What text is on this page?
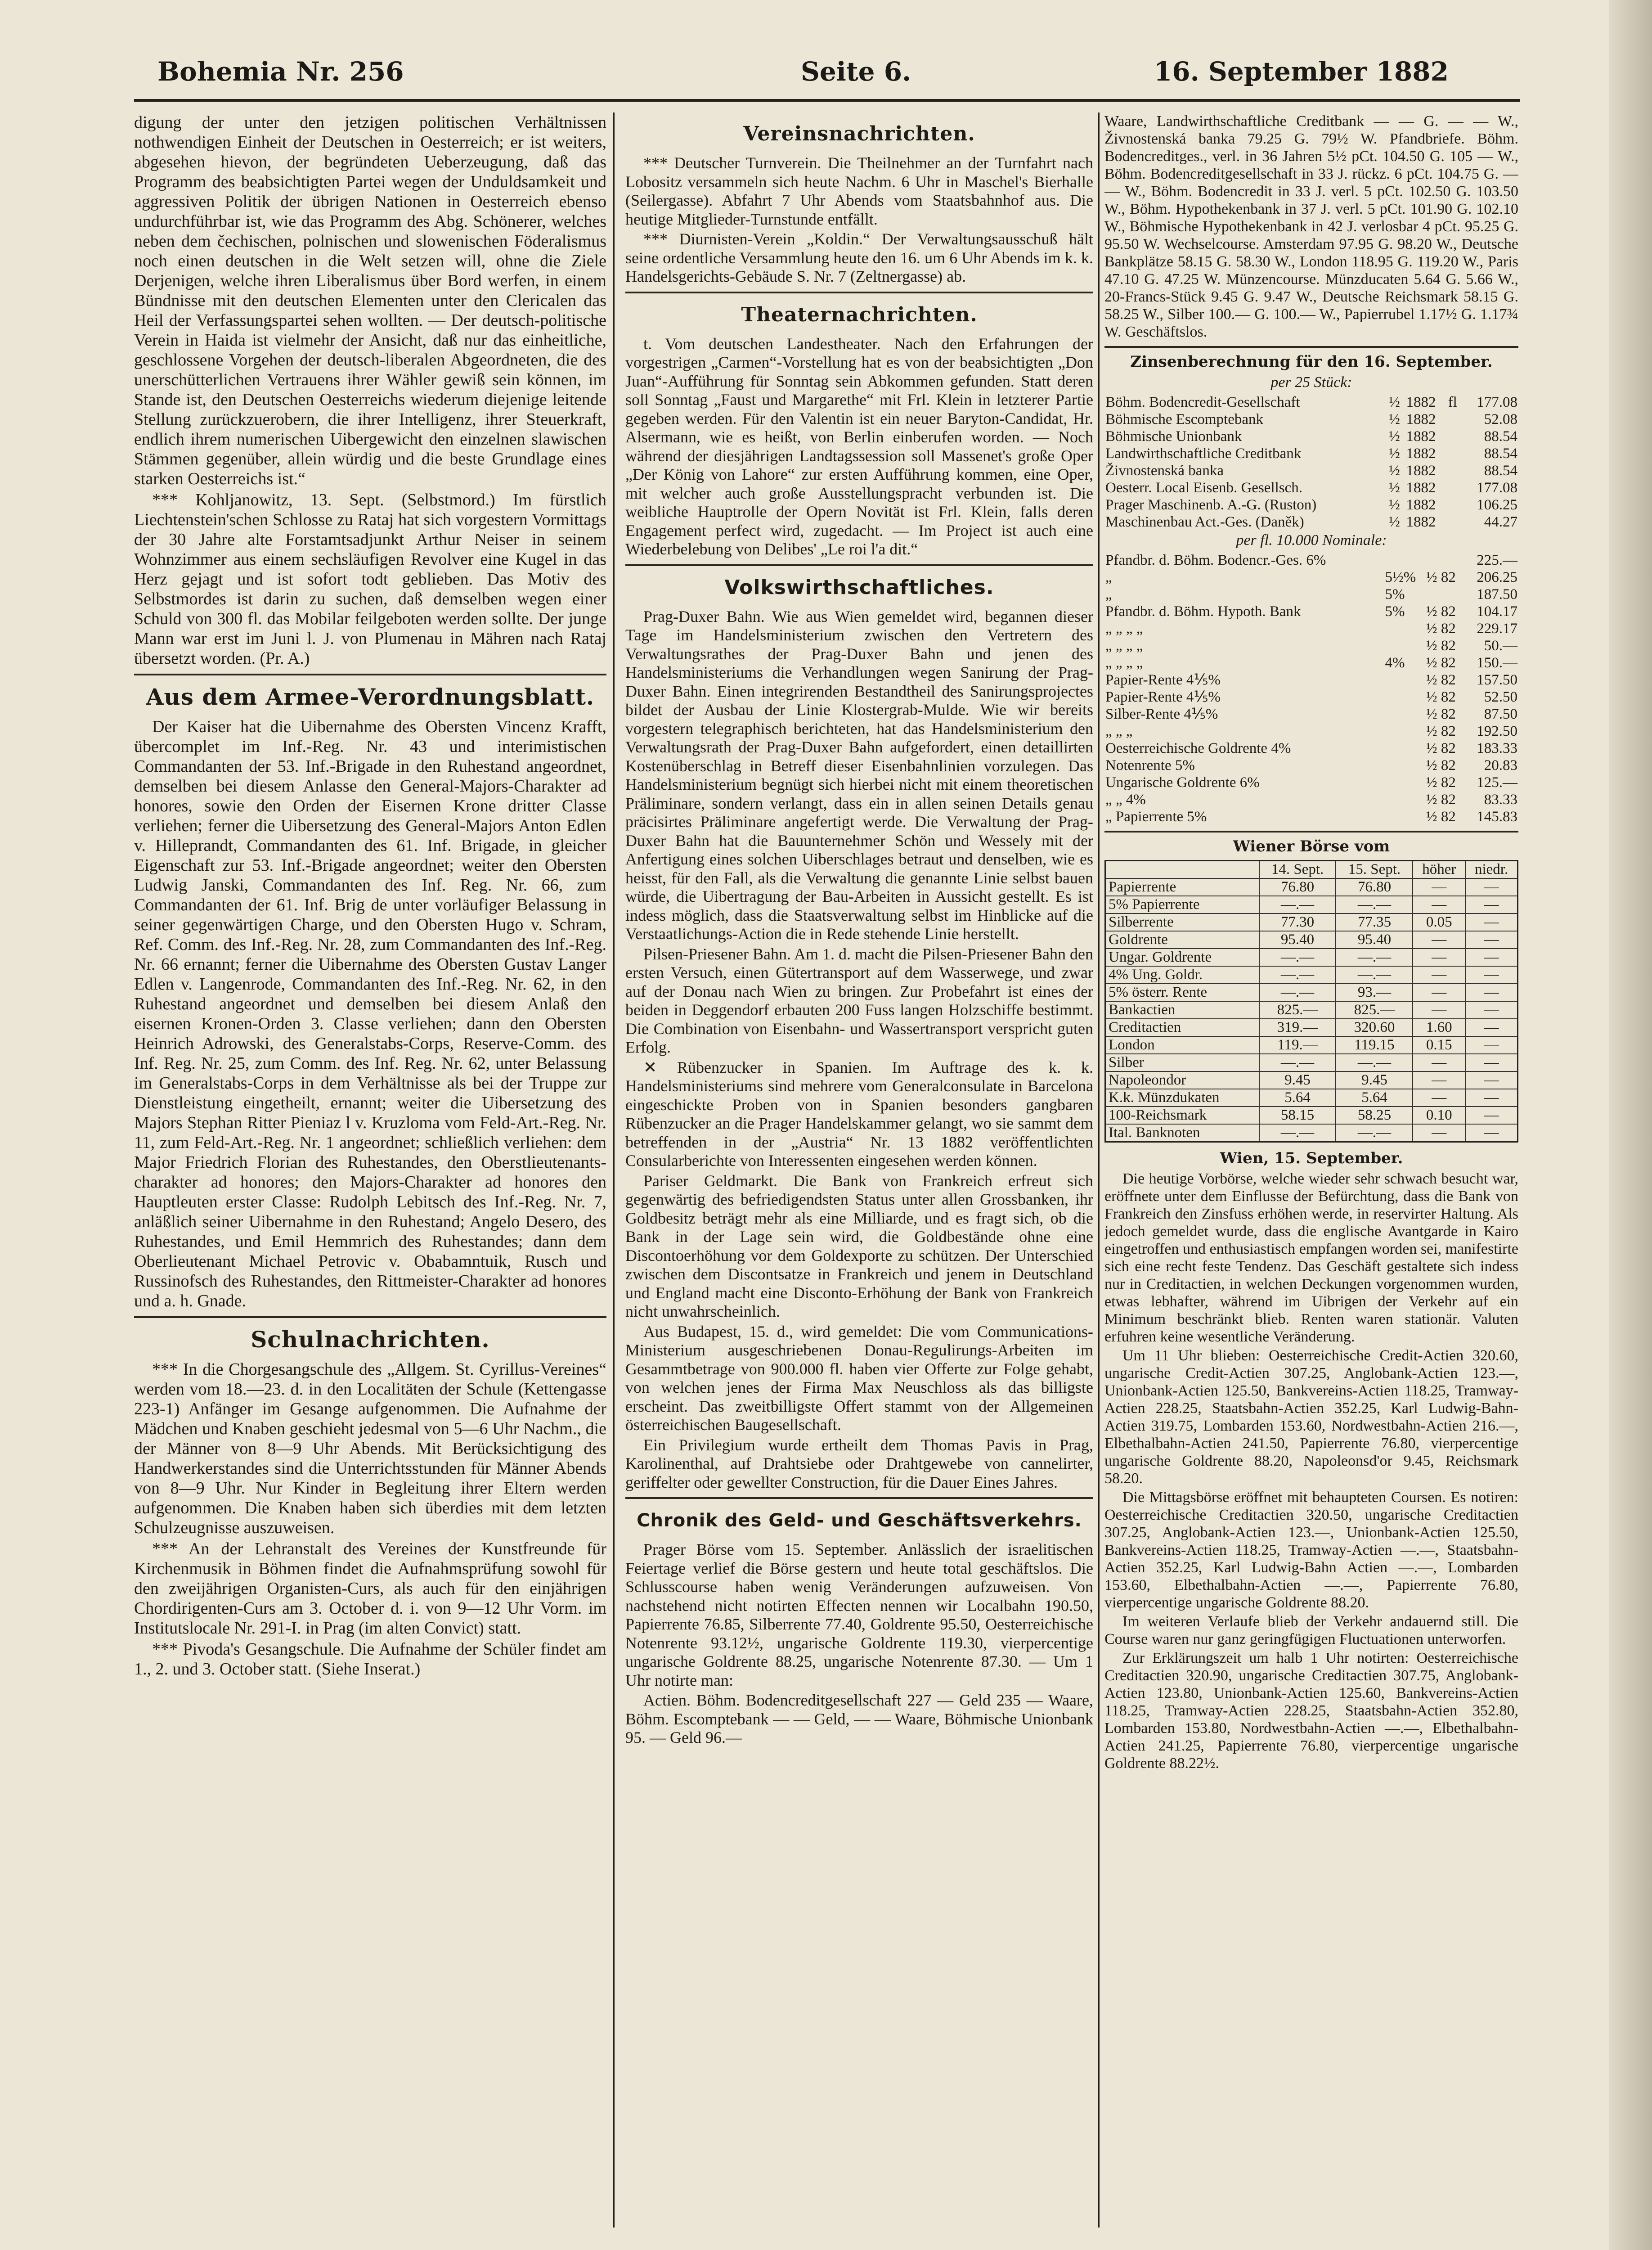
Bohemia Nr. 256	Seite 6.	16. September 1882

digung der unter den jetzigen politischen Verhältnissen nothwendigen Einheit der Deutschen in Oesterreich; er ist weiters, abgesehen hievon, der begründeten Ueberzeugung, daß das Programm des beabsichtigten Partei wegen der Unduldsamkeit und aggressiven Politik der übrigen Nationen in Oesterreich ebenso undurchführbar ist, wie das Programm des Abg. Schönerer, welches neben dem čechischen, polnischen und slowenischen Föderalismus noch einen deutschen in die Welt setzen will, ohne die Ziele Derjenigen, welche ihren Liberalismus über Bord werfen, in einem Bündnisse mit den deutschen Elementen unter den Clericalen das Heil der Verfassungspartei sehen wollten. — Der deutsch-politische Verein in Haida ist vielmehr der Ansicht, daß nur das einheitliche, geschlossene Vorgehen der deutsch-liberalen Abgeordneten, die des unerschütterlichen Vertrauens ihrer Wähler gewiß sein können, im Stande ist, den Deutschen Oesterreichs wiederum diejenige leitende Stellung zurückzuerobern, die ihrer Intelligenz, ihrer Steuerkraft, endlich ihrem numerischen Uibergewicht den einzelnen slawischen Stämmen gegenüber, allein würdig und die beste Grundlage eines starken Oesterreichs ist.“

*** Kohljanowitz, 13. Sept. (Selbstmord.) Im fürstlich Liechtenstein'schen Schlosse zu Rataj hat sich vorgestern Vormittags der 30 Jahre alte Forstamtsadjunkt Arthur Neiser in seinem Wohnzimmer aus einem sechsläufigen Revolver eine Kugel in das Herz gejagt und ist sofort todt geblieben. Das Motiv des Selbstmordes ist darin zu suchen, daß demselben wegen einer Schuld von 300 fl. das Mobilar feilgeboten werden sollte. Der junge Mann war erst im Juni l. J. von Plumenau in Mähren nach Rataj übersetzt worden. (Pr. A.)

Aus dem Armee-Verordnungsblatt.

Der Kaiser hat die Uibernahme des Obersten Vincenz Krafft, übercomplet im Inf.-Reg. Nr. 43 und interimistischen Commandanten der 53. Inf.-Brigade in den Ruhestand angeordnet, demselben bei diesem Anlasse den General-Majors-Charakter ad honores, sowie den Orden der Eisernen Krone dritter Classe verliehen; ferner die Uibersetzung des General-Majors Anton Edlen v. Hilleprandt, Commandanten des 61. Inf. Brigade, in gleicher Eigenschaft zur 53. Inf.-Brigade angeordnet; weiter den Obersten Ludwig Janski, Commandanten des Inf. Reg. Nr. 66, zum Commandanten der 61. Inf. Brig de unter vorläufiger Belassung in seiner gegenwärtigen Charge, und den Obersten Hugo v. Schram, Ref. Comm. des Inf.-Reg. Nr. 28, zum Commandanten des Inf.-Reg. Nr. 66 ernannt; ferner die Uibernahme des Obersten Gustav Langer Edlen v. Langenrode, Commandanten des Inf.-Reg. Nr. 62, in den Ruhestand angeordnet und demselben bei diesem Anlaß den eisernen Kronen-Orden 3. Classe verliehen; dann den Obersten Heinrich Adrowski, des Generalstabs-Corps, Reserve-Comm. des Inf. Reg. Nr. 25, zum Comm. des Inf. Reg. Nr. 62, unter Belassung im Generalstabs-Corps in dem Verhältnisse als bei der Truppe zur Dienstleistung eingetheilt, ernannt; weiter die Uibersetzung des Majors Stephan Ritter Pieniaz l v. Kruzloma vom Feld-Art.-Reg. Nr. 11, zum Feld-Art.-Reg. Nr. 1 angeordnet; schließlich verliehen: dem Major Friedrich Florian des Ruhestandes, den Oberstlieutenants-charakter ad honores; den Majors-Charakter ad honores den Hauptleuten erster Classe: Rudolph Lebitsch des Inf.-Reg. Nr. 7, anläßlich seiner Uibernahme in den Ruhestand; Angelo Desero, des Ruhestandes, und Emil Hemmrich des Ruhestandes; dann dem Oberlieutenant Michael Petrovic v. Obabamntuik, Rusch und Russinofsch des Ruhestandes, den Rittmeister-Charakter ad honores und a. h. Gnade.

Schulnachrichten.

*** In die Chorgesangschule des „Allgem. St. Cyrillus-Vereines“ werden vom 18.—23. d. in den Localitäten der Schule (Kettengasse 223-1) Anfänger im Gesange aufgenommen. Die Aufnahme der Mädchen und Knaben geschieht jedesmal von 5—6 Uhr Nachm., die der Männer von 8—9 Uhr Abends. Mit Berücksichtigung des Handwerkerstandes sind die Unterrichtsstunden für Männer Abends von 8—9 Uhr. Nur Kinder in Begleitung ihrer Eltern werden aufgenommen. Die Knaben haben sich überdies mit dem letzten Schulzeugnisse auszuweisen.

*** An der Lehranstalt des Vereines der Kunstfreunde für Kirchenmusik in Böhmen findet die Aufnahmsprüfung sowohl für den zweijährigen Organisten-Curs, als auch für den einjährigen Chordirigenten-Curs am 3. October d. i. von 9—12 Uhr Vorm. im Institutslocale Nr. 291-I. in Prag (im alten Convict) statt.

*** Pivoda's Gesangschule. Die Aufnahme der Schüler findet am 1., 2. und 3. October statt. (Siehe Inserat.)

Vereinsnachrichten.

*** Deutscher Turnverein. Die Theilnehmer an der Turnfahrt nach Lobositz versammeln sich heute Nachm. 6 Uhr in Maschel's Bierhalle (Seilergasse). Abfahrt 7 Uhr Abends vom Staatsbahnhof aus. Die heutige Mitglieder-Turnstunde entfällt.

*** Diurnisten-Verein „Koldin.“ Der Verwaltungsausschuß hält seine ordentliche Versammlung heute den 16. um 6 Uhr Abends im k. k. Handelsgerichts-Gebäude S. Nr. 7 (Zeltnergasse) ab.

Theaternachrichten.

t. Vom deutschen Landestheater. Nach den Erfahrungen der vorgestrigen „Carmen“-Vorstellung hat es von der beabsichtigten „Don Juan“-Aufführung für Sonntag sein Abkommen gefunden. Statt deren soll Sonntag „Faust und Margarethe“ mit Frl. Klein in letzterer Partie gegeben werden. Für den Valentin ist ein neuer Baryton-Candidat, Hr. Alsermann, wie es heißt, von Berlin einberufen worden. — Noch während der diesjährigen Landtagssession soll Massenet's große Oper „Der König von Lahore“ zur ersten Aufführung kommen, eine Oper, mit welcher auch große Ausstellungspracht verbunden ist. Die weibliche Hauptrolle der Opern Novität ist Frl. Klein, falls deren Engagement perfect wird, zugedacht. — Im Project ist auch eine Wiederbelebung von Delibes' „Le roi l'a dit.“

Volkswirthschaftliches.

Prag-Duxer Bahn. Wie aus Wien gemeldet wird, begannen dieser Tage im Handelsministerium zwischen den Vertretern des Verwaltungsrathes der Prag-Duxer Bahn und jenen des Handelsministeriums die Verhandlungen wegen Sanirung der Prag-Duxer Bahn. Einen integrirenden Bestandtheil des Sanirungsprojectes bildet der Ausbau der Linie Klostergrab-Mulde. Wie wir bereits vorgestern telegraphisch berichteten, hat das Handelsministerium den Verwaltungsrath der Prag-Duxer Bahn aufgefordert, einen detaillirten Kostenüberschlag in Betreff dieser Eisenbahnlinien vorzulegen. Das Handelsministerium begnügt sich hierbei nicht mit einem theoretischen Präliminare, sondern verlangt, dass ein in allen seinen Details genau präcisirtes Präliminare angefertigt werde. Die Verwaltung der Prag-Duxer Bahn hat die Bauunternehmer Schön und Wessely mit der Anfertigung eines solchen Uiberschlages betraut und denselben, wie es heisst, für den Fall, als die Verwaltung die genannte Linie selbst bauen würde, die Uibertragung der Bau-Arbeiten in Aussicht gestellt. Es ist indess möglich, dass die Staatsverwaltung selbst im Hinblicke auf die Verstaatlichungs-Action die in Rede stehende Linie herstellt.

Pilsen-Priesener Bahn. Am 1. d. macht die Pilsen-Priesener Bahn den ersten Versuch, einen Gütertransport auf dem Wasserwege, und zwar auf der Donau nach Wien zu bringen. Zur Probefahrt ist eines der beiden in Deggendorf erbauten 200 Fuss langen Holzschiffe bestimmt. Die Combination von Eisenbahn- und Wassertransport verspricht guten Erfolg.

✕ Rübenzucker in Spanien. Im Auftrage des k. k. Handelsministeriums sind mehrere vom Generalconsulate in Barcelona eingeschickte Proben von in Spanien besonders gangbaren Rübenzucker an die Prager Handelskammer gelangt, wo sie sammt dem betreffenden in der „Austria“ Nr. 13 1882 veröffentlichten Consularberichte von Interessenten eingesehen werden können.

Pariser Geldmarkt. Die Bank von Frankreich erfreut sich gegenwärtig des befriedigendsten Status unter allen Grossbanken, ihr Goldbesitz beträgt mehr als eine Milliarde, und es fragt sich, ob die Bank in der Lage sein wird, die Goldbestände ohne eine Discontoerhöhung vor dem Goldexporte zu schützen. Der Unterschied zwischen dem Discontsatze in Frankreich und jenem in Deutschland und England macht eine Disconto-Erhöhung der Bank von Frankreich nicht unwahrscheinlich.

Aus Budapest, 15. d., wird gemeldet: Die vom Communications-Ministerium ausgeschriebenen Donau-Regulirungs-Arbeiten im Gesammtbetrage von 900.000 fl. haben vier Offerte zur Folge gehabt, von welchen jenes der Firma Max Neuschloss als das billigste erscheint. Das zweitbilligste Offert stammt von der Allgemeinen österreichischen Baugesellschaft.

Ein Privilegium wurde ertheilt dem Thomas Pavis in Prag, Karolinenthal, auf Drahtsiebe oder Drahtgewebe von cannelirter, geriffelter oder gewellter Construction, für die Dauer Eines Jahres.

Chronik des Geld- und Geschäftsverkehrs.

Prager Börse vom 15. September. Anlässlich der israelitischen Feiertage verlief die Börse gestern und heute total geschäftslos. Die Schlusscourse haben wenig Veränderungen aufzuweisen. Von nachstehend nicht notirten Effecten nennen wir Localbahn 190.50, Papierrente 76.85, Silberrente 77.40, Goldrente 95.50, Oesterreichische Notenrente 93.12½, ungarische Goldrente 119.30, vierpercentige ungarische Goldrente 88.25, ungarische Notenrente 87.30. — Um 1 Uhr notirte man:

Actien. Böhm. Bodencreditgesellschaft 227 — Geld 235 — Waare, Böhm. Escomptebank — — Geld, — — Waare, Böhmische Unionbank 95. — Geld 96.—

Waare, Landwirthschaftliche Creditbank — — G. — — W., Živnostenská banka 79.25 G. 79½ W. Pfandbriefe. Böhm. Bodencreditges., verl. in 36 Jahren 5½ pCt. 104.50 G. 105 — W., Böhm. Bodencreditgesellschaft in 33 J. rückz. 6 pCt. 104.75 G. — — W., Böhm. Bodencredit in 33 J. verl. 5 pCt. 102.50 G. 103.50 W., Böhm. Hypothekenbank in 37 J. verl. 5 pCt. 101.90 G. 102.10 W., Böhmische Hypothekenbank in 42 J. verlosbar 4 pCt. 95.25 G. 95.50 W. Wechselcourse. Amsterdam 97.95 G. 98.20 W., Deutsche Bankplätze 58.15 G. 58.30 W., London 118.95 G. 119.20 W., Paris 47.10 G. 47.25 W. Münzencourse. Münzducaten 5.64 G. 5.66 W., 20-Francs-Stück 9.45 G. 9.47 W., Deutsche Reichsmark 58.15 G. 58.25 W., Silber 100.— G. 100.— W., Papierrubel 1.17½ G. 1.17¾ W. Geschäftslos.

Zinsenberechnung für den 16. September.
per 25 Stück:
Böhm. Bodencredit-Gesellschaft	½	1882	fl	177.08
Böhmische Escomptebank	½	1882		52.08
Böhmische Unionbank	½	1882		88.54
Landwirthschaftliche Creditbank	½	1882		88.54
Živnostenská banka	½	1882		88.54
Oesterr. Local Eisenb. Gesellsch.	½	1882		177.08
Prager Maschinenb. A.-G. (Ruston)	½	1882		106.25
Maschinenbau Act.-Ges. (Daněk)	½	1882		44.27
per fl. 10.000 Nominale:
Pfandbr. d. Böhm. Bodencr.-Ges. 6%			225.—
„	5½%	½ 82	206.25
„	5%		187.50
Pfandbr. d. Böhm. Hypoth. Bank	5%	½ 82	104.17
„ „ „ „		½ 82	229.17
„ „ „ „		½ 82	50.—
„ „ „ „	4%	½ 82	150.—
Papier-Rente 4⅕%		½ 82	157.50
Papier-Rente 4⅕%		½ 82	52.50
Silber-Rente 4⅕%		½ 82	87.50
„ „ „		½ 82	192.50
Oesterreichische Goldrente 4%		½ 82	183.33
Notenrente 5%		½ 82	20.83
Ungarische Goldrente 6%		½ 82	125.—
„ „ 4%		½ 82	83.33
„ Papierrente 5%		½ 82	145.83
Wiener Börse vom
	14. Sept.	15. Sept.	höher	niedr.
Papierrente	76.80	76.80	—	—
5% Papierrente	—.—	—.—	—	—
Silberrente	77.30	77.35	0.05	—
Goldrente	95.40	95.40	—	—
Ungar. Goldrente	—.—	—.—	—	—
4% Ung. Goldr.	—.—	—.—	—	—
5% österr. Rente	—.—	93.—	—	—
Bankactien	825.—	825.—	—	—
Creditactien	319.—	320.60	1.60	—
London	119.—	119.15	0.15	—
Silber	—.—	—.—	—	—
Napoleondor	9.45	9.45	—	—
K.k. Münzdukaten	5.64	5.64	—	—
100-Reichsmark	58.15	58.25	0.10	—
Ital. Banknoten	—.—	—.—	—	—
Wien, 15. September.

Die heutige Vorbörse, welche wieder sehr schwach besucht war, eröffnete unter dem Einflusse der Befürchtung, dass die Bank von Frankreich den Zinsfuss erhöhen werde, in reservirter Haltung. Als jedoch gemeldet wurde, dass die englische Avantgarde in Kairo eingetroffen und enthusiastisch empfangen worden sei, manifestirte sich eine recht feste Tendenz. Das Geschäft gestaltete sich indess nur in Creditactien, in welchen Deckungen vorgenommen wurden, etwas lebhafter, während im Uibrigen der Verkehr auf ein Minimum beschränkt blieb. Renten waren stationär. Valuten erfuhren keine wesentliche Veränderung.

Um 11 Uhr blieben: Oesterreichische Credit-Actien 320.60, ungarische Credit-Actien 307.25, Anglobank-Actien 123.—, Unionbank-Actien 125.50, Bankvereins-Actien 118.25, Tramway-Actien 228.25, Staatsbahn-Actien 352.25, Karl Ludwig-Bahn-Actien 319.75, Lombarden 153.60, Nordwestbahn-Actien 216.—, Elbethalbahn-Actien 241.50, Papierrente 76.80, vierpercentige ungarische Goldrente 88.20, Napoleonsd'or 9.45, Reichsmark 58.20.

Die Mittagsbörse eröffnet mit behaupteten Coursen. Es notiren: Oesterreichische Creditactien 320.50, ungarische Creditactien 307.25, Anglobank-Actien 123.—, Unionbank-Actien 125.50, Bankvereins-Actien 118.25, Tramway-Actien —.—, Staatsbahn-Actien 352.25, Karl Ludwig-Bahn Actien —.—, Lombarden 153.60, Elbethalbahn-Actien —.—, Papierrente 76.80, vierpercentige ungarische Goldrente 88.20.

Im weiteren Verlaufe blieb der Verkehr andauernd still. Die Course waren nur ganz geringfügigen Fluctuationen unterworfen.

Zur Erklärungszeit um halb 1 Uhr notirten: Oesterreichische Creditactien 320.90, ungarische Creditactien 307.75, Anglobank-Actien 123.80, Unionbank-Actien 125.60, Bankvereins-Actien 118.25, Tramway-Actien 228.25, Staatsbahn-Actien 352.80, Lombarden 153.80, Nordwestbahn-Actien —.—, Elbethalbahn-Actien 241.25, Papierrente 76.80, vierpercentige ungarische Goldrente 88.22½.
